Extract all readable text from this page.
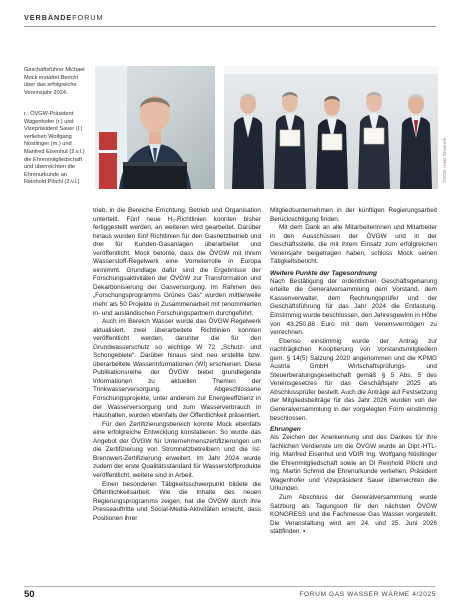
VERBÄNDEFORUM

Geschäftsführer Michael Mock erstattet Bericht über das erfolgreiche Vereinsjahr 2024.

r.: ÖVGW-Präsident Wagenhofer (r.) und Vizepräsident Sauer (l.) verliehen Wolfgang Nöstlinger (m.) und Manfred Eisenhut (2.v.l.) die Ehrenmitgliedschaft und überreichten die Ehrenurkunde an Reinhold Plöchl (2.v.l.)	ÖVGW / Max Slovencik

trieb, in die Bereiche Errichtung, Betrieb und Organisation unterteilt. Fünf neue H₂-Richtlinien konnten bisher fertiggestellt werden, an weiteren wird gearbeitet. Darüber hinaus wurden fünf Richtlinien für den Gasnetzbetrieb und drei für Kunden-Gasanlagen überarbeitet und veröffentlicht. Mock betonte, dass die ÖVGW mit ihrem Wasserstoff-Regelwerk eine Vorreiterrolle in Europa einnimmt. Grundlage dafür sind die Ergebnisse der Forschungsaktivitäten der ÖVGW zur Transformation und Dekarbonisierung der Gasversorgung. Im Rahmen des „Forschungsprogramms Grünes Gas“ wurden mittlerweile mehr als 50 Projekte in Zusammenarbeit mit renommierten in- und ausländischen Forschungspartnern durchgeführt.

Auch im Bereich Wasser wurde das ÖVGW-Regelwerk aktualisiert, zwei überarbeitete Richtlinien konnten veröffentlicht werden, darunter die für den Grundwasserschutz so wichtige W 72 „Schutz- und Schongebiete“. Darüber hinaus sind neu erstellte bzw. überarbeitete Wasserinformationen (WI) erschienen. Diese Publikationsreihe der ÖVGW bietet grundlegende Informationen zu aktuellen Themen der Trinkwasserversorgung. Abgeschlossene Forschungsprojekte, unter anderem zur Energieeffizienz in der Wasserversorgung und zum Wasserverbrauch in Haushalten, wurden ebenfalls der Öffentlichkeit präsentiert.

Für den Zertifizierungsbereich konnte Mock ebenfalls eine erfolgreiche Entwicklung konstatieren. So wurde das Angebot der ÖVGW für Unternehmenszertifizierungen um die Zertifizierung von Stromnetzbetreibern und die Ist-Brennwert-Zertifizierung erweitert. Im Jahr 2024 wurde zudem der erste Qualitätsstandard für Wasserstoffprodukte veröffentlicht, weitere sind in Arbeit.

Einen besonderen Tätigkeitsschwerpunkt bildete die Öffentlichkeitsarbeit. Wie die Inhalte des neuen Regierungsprogramms zeigen, hat die ÖVGW durch ihre Presseauftritte und Social-Media-Aktivitäten erreicht, dass Positionen ihrer

Mitgliedsunternehmen in der künftigen Regierungsarbeit Berücksichtigung finden.

Mit dem Dank an alle Mitarbeiterinnen und Mitarbeiter in den Ausschüssen der ÖVGW und in der Geschäftsstelle, die mit ihrem Einsatz zum erfolgreichen Vereinsjahr beigetragen haben, schloss Mock seinen Tätigkeitsbericht.

Weitere Punkte der Tagesordnung

Nach Bestätigung der ordentlichen Geschäftsgebarung erteilte die Generalversammlung dem Vorstand, dem Kassenverwalter, dem Rechnungsprüfer und der Geschäftsführung für das Jahr 2024 die Entlastung. Einstimmig wurde beschlossen, den Jahresgewinn in Höhe von 43.250,88 Euro mit dem Vereinsvermögen zu verrechnen.

Ebenso einstimmig wurde der Antrag zur nachträglichen Kooptierung von Vorstandsmitgliedern gem. § 14(5) Satzung 2020 angenommen und die KPMG Austria GmbH Wirtschaftsprüfungs- und Steuerberatungsgesellschaft gemäß § 5 Abs. 5 des Vereinsgesetzes für das Geschäftsjahr 2025 als Abschlussprüfer bestellt. Auch die Anträge auf Festsetzung der Mitgliedsbeiträge für das Jahr 2026 wurden von der Generalversammlung in der vorgelegten Form einstimmig beschlossen.

Ehrungen

Als Zeichen der Anerkennung und des Dankes für ihre fachlichen Verdienste um die ÖVGW wurde an Dipl.-HTL-Ing. Manfred Eisenhut und VDIR Ing. Wolfgang Nöstlinger die Ehrenmitgliedschaft sowie an DI Reinhold Plöchl und Ing. Martin Schmid die Ehrenurkunde verliehen. Präsident Wagenhofer und Vizepräsident Sauer überreichten die Urkunden.

Zum Abschluss der Generalversammlung wurde Salzburg als Tagungsort für den nächsten ÖVGW KONGRESS und die Fachmesse Gas Wasser vorgestellt. Die Veranstaltung wird am 24. und 25. Juni 2026 stattfinden. ▪

50	FORUM GAS WASSER WÄRME 4/2025
